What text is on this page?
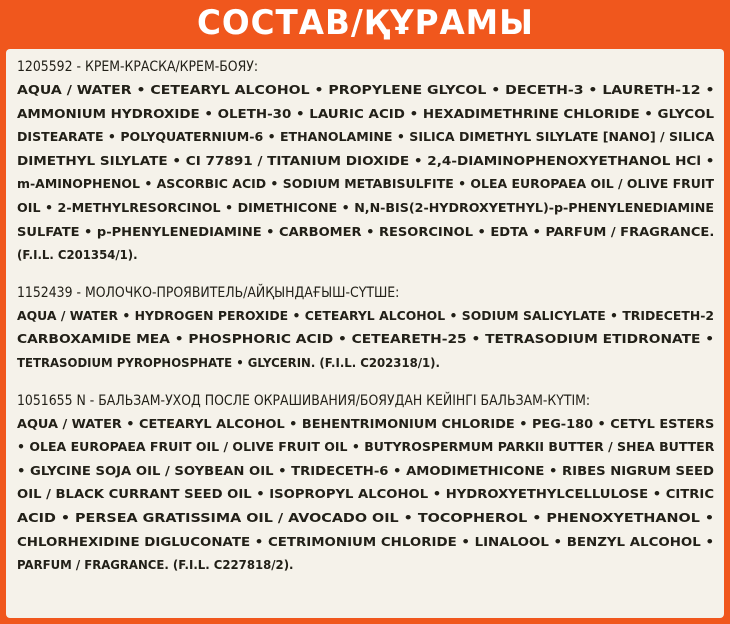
СОСТАВ/ҚҰРАМЫ
1205592 - КРЕМ-КРАСКА/КРЕМ-БОЯУ:
AQUA / WATER • CETEARYL ALCOHOL • PROPYLENE GLYCOL • DECETH-3 • LAURETH-12 •
AMMONIUM HYDROXIDE • OLETH-30 • LAURIC ACID • HEXADIMETHRINE CHLORIDE • GLYCOL
DISTEARATE • POLYQUATERNIUM-6 • ETHANOLAMINE • SILICA DIMETHYL SILYLATE [NANO] / SILICA
DIMETHYL SILYLATE • CI 77891 / TITANIUM DIOXIDE • 2,4-DIAMINOPHENOXYETHANOL HCl •
m-AMINOPHENOL • ASCORBIC ACID • SODIUM METABISULFITE • OLEA EUROPAEA OIL / OLIVE FRUIT
OIL • 2-METHYLRESORCINOL • DIMETHICONE • N,N-BIS(2-HYDROXYETHYL)-p-PHENYLENEDIAMINE
SULFATE • p-PHENYLENEDIAMINE • CARBOMER • RESORCINOL • EDTA • PARFUM / FRAGRANCE.
(F.I.L. C201354/1).
1152439 - МОЛОЧКО-ПРОЯВИТЕЛЬ/АЙҚЫНДАҒЫШ-СҮТШЕ:
AQUA / WATER • HYDROGEN PEROXIDE • CETEARYL ALCOHOL • SODIUM SALICYLATE • TRIDECETH-2
CARBOXAMIDE MEA • PHOSPHORIC ACID • CETEARETH-25 • TETRASODIUM ETIDRONATE •
TETRASODIUM PYROPHOSPHATE • GLYCERIN. (F.I.L. C202318/1).
1051655 N - БАЛЬЗАМ-УХОД ПОСЛЕ ОКРАШИВАНИЯ/БОЯУДАН КЕЙІНГІ БАЛЬЗАМ-КҮТІМ:
AQUA / WATER • CETEARYL ALCOHOL • BEHENTRIMONIUM CHLORIDE • PEG-180 • CETYL ESTERS
• OLEA EUROPAEA FRUIT OIL / OLIVE FRUIT OIL • BUTYROSPERMUM PARKII BUTTER / SHEA BUTTER
• GLYCINE SOJA OIL / SOYBEAN OIL • TRIDECETH-6 • AMODIMETHICONE • RIBES NIGRUM SEED
OIL / BLACK CURRANT SEED OIL • ISOPROPYL ALCOHOL • HYDROXYETHYLCELLULOSE • CITRIC
ACID • PERSEA GRATISSIMA OIL / AVOCADO OIL • TOCOPHEROL • PHENOXYETHANOL •
CHLORHEXIDINE DIGLUCONATE • CETRIMONIUM CHLORIDE • LINALOOL • BENZYL ALCOHOL •
PARFUM / FRAGRANCE. (F.I.L. C227818/2).
